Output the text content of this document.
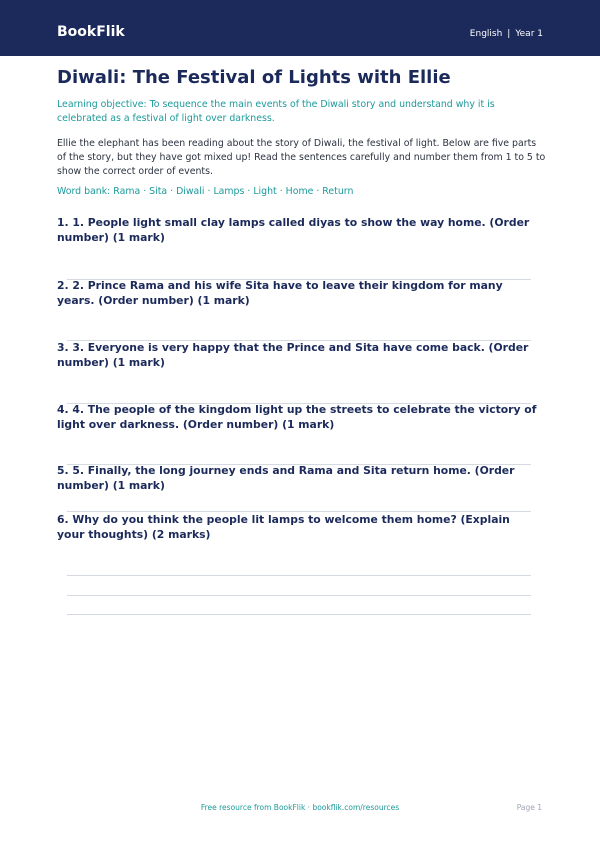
BookFlik	English | Year 1
Diwali: The Festival of Lights with Ellie
Learning objective: To sequence the main events of the Diwali story and understand why it is celebrated as a festival of light over darkness.
Ellie the elephant has been reading about the story of Diwali, the festival of light. Below are five parts of the story, but they have got mixed up! Read the sentences carefully and number them from 1 to 5 to show the correct order of events.
Word bank: Rama · Sita · Diwali · Lamps · Light · Home · Return
1. 1. People light small clay lamps called diyas to show the way home. (Order number) (1 mark)
2. 2. Prince Rama and his wife Sita have to leave their kingdom for many years. (Order number) (1 mark)
3. 3. Everyone is very happy that the Prince and Sita have come back. (Order number) (1 mark)
4. 4. The people of the kingdom light up the streets to celebrate the victory of light over darkness. (Order number) (1 mark)
5. 5. Finally, the long journey ends and Rama and Sita return home. (Order number) (1 mark)
6. Why do you think the people lit lamps to welcome them home? (Explain your thoughts) (2 marks)
Free resource from BookFlik · bookflik.com/resources	Page 1
